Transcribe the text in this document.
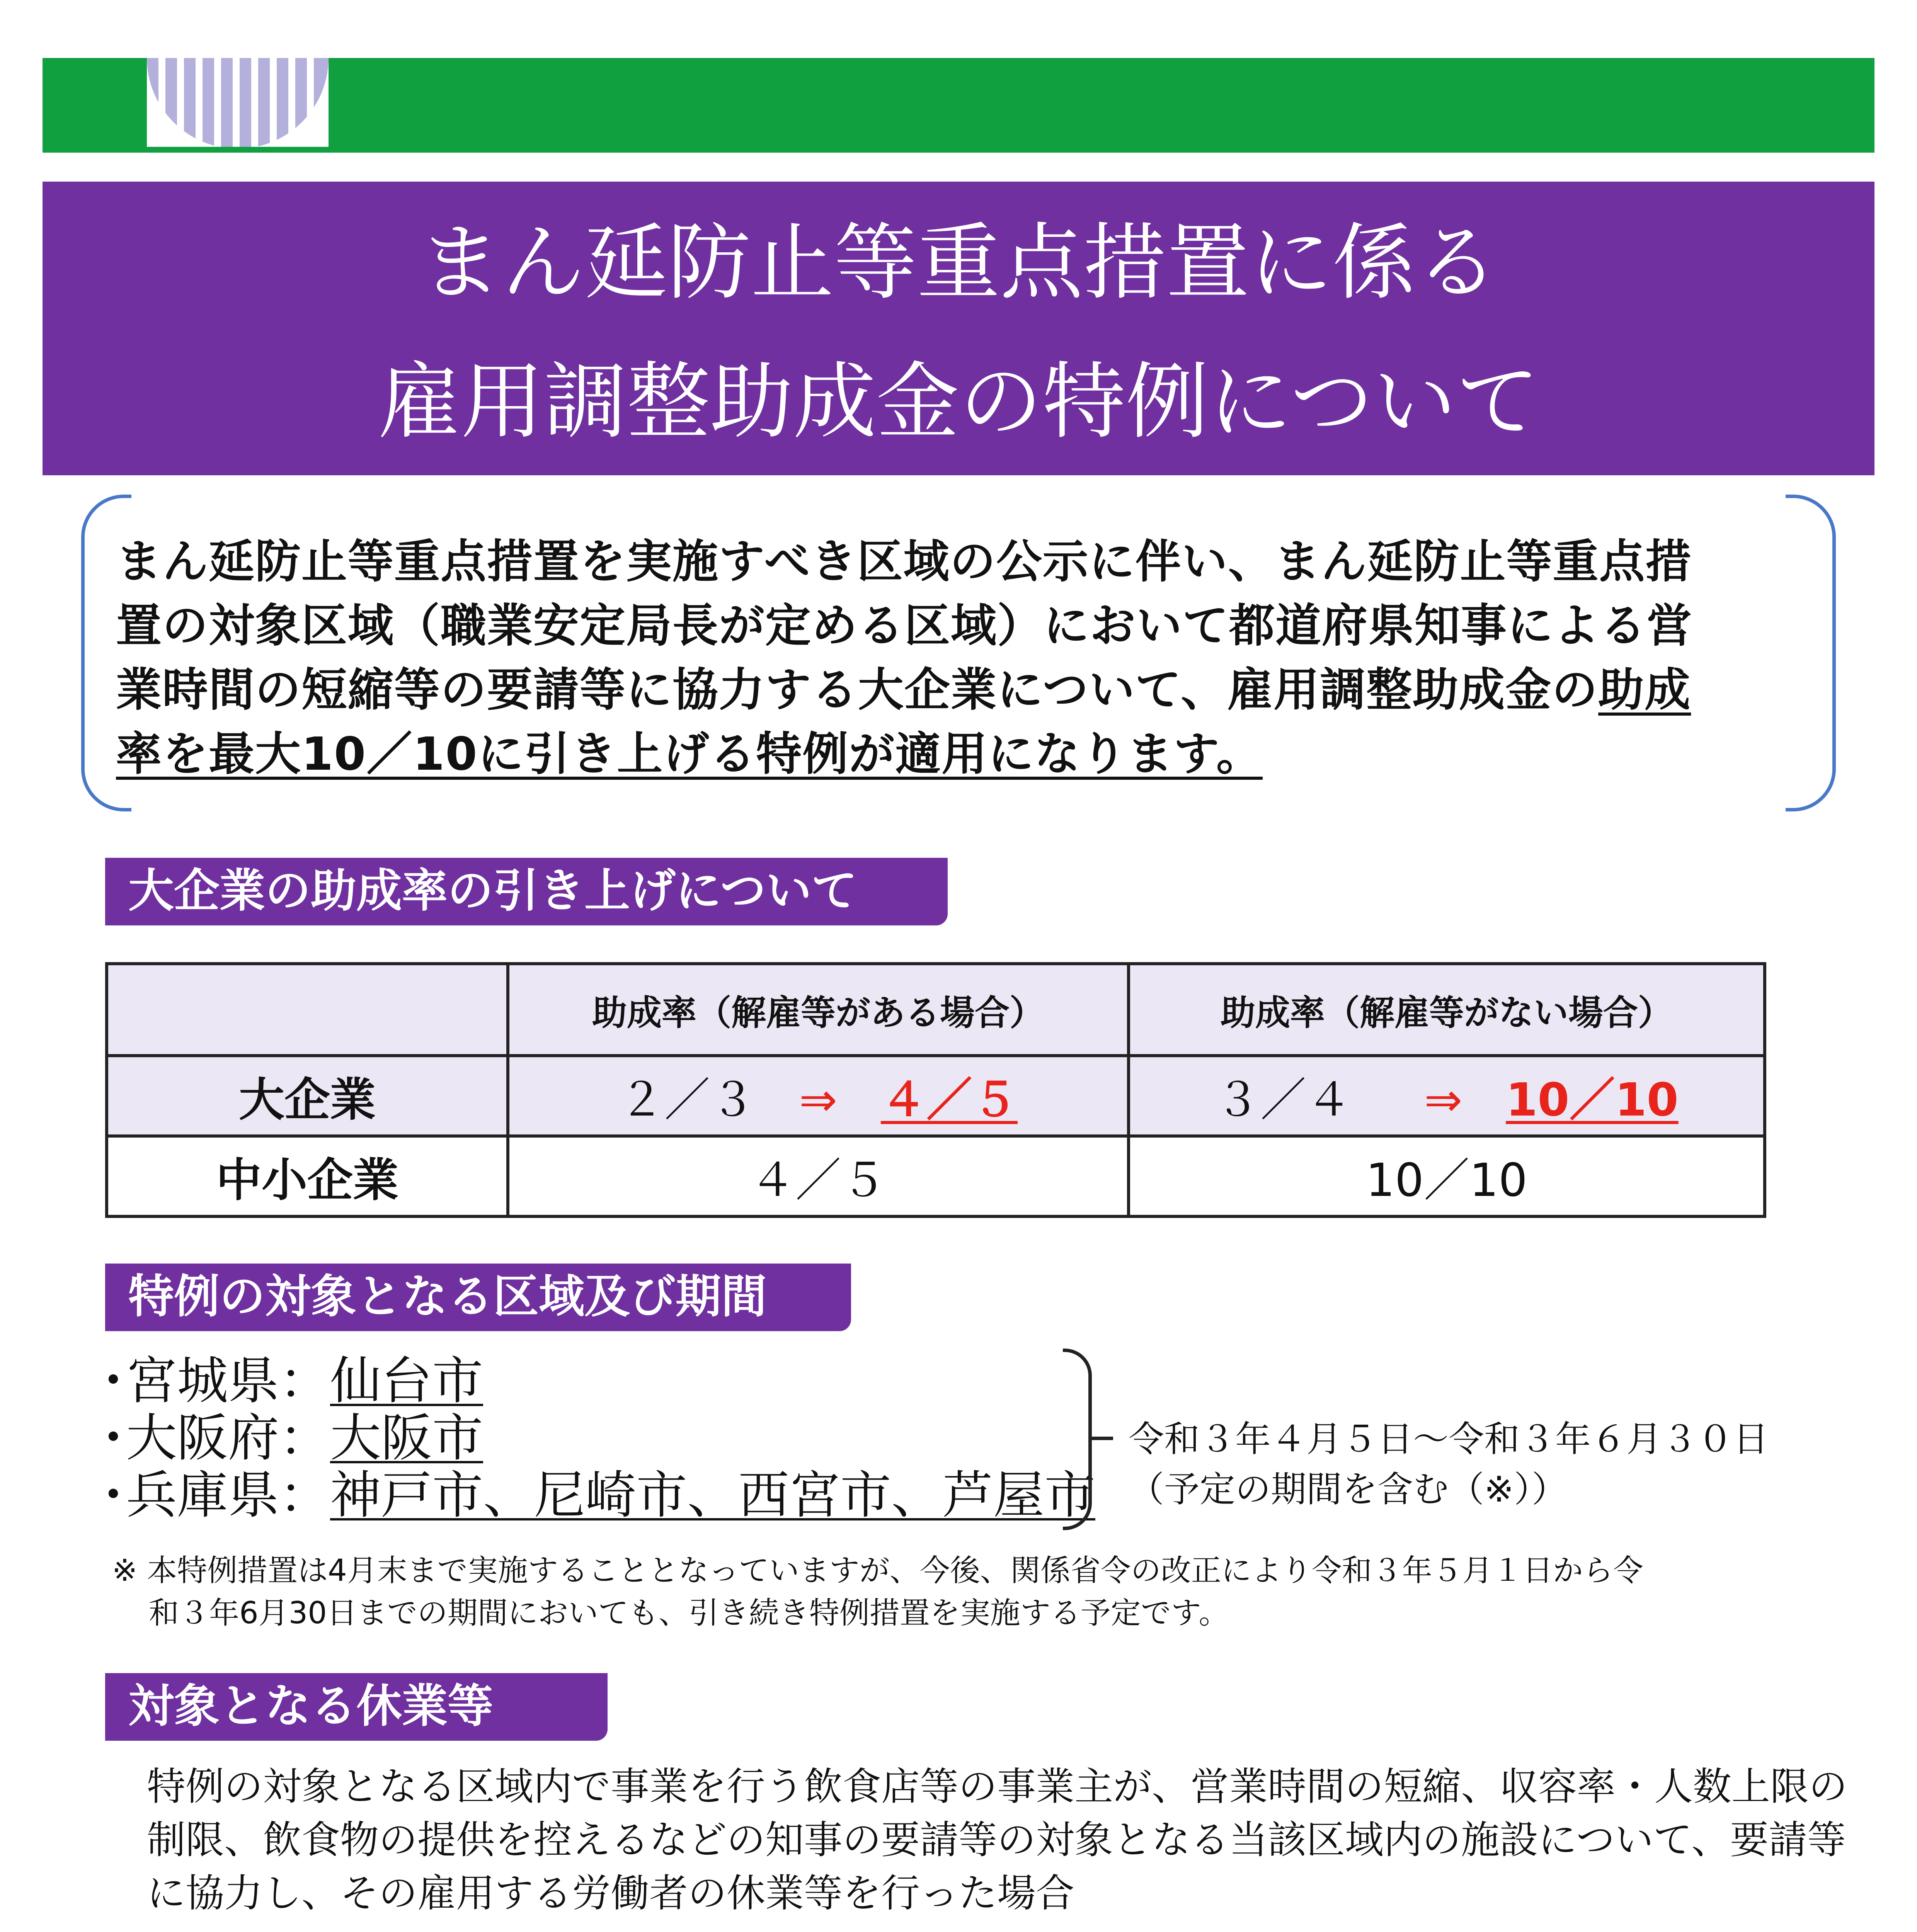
まん延防止等重点措置に係る
雇用調整助成金の特例について
まん延防止等重点措置を実施すべき区域の公示に伴い、まん延防止等重点措
置の対象区域（職業安定局長が定める区域）において都道府県知事による営
業時間の短縮等の要請等に協力する大企業について、雇用調整助成金の助成
率を最大10／10に引き上げる特例が適用になります。
大企業の助成率の引き上げについて
	助成率（解雇等がある場合）	助成率（解雇等がない場合）
大企業	２／３ ⇒ ４／５	３／４ ⇒ 10／10
中小企業	４／５	10／10
特例の対象となる区域及び期間
･宮城県：仙台市
･大阪府：大阪市
･兵庫県：神戸市、尼崎市、西宮市、芦屋市
令和３年４月５日～令和３年６月３０日
（予定の期間を含む（※））
※ 本特例措置は4月末まで実施することとなっていますが、今後、関係省令の改正により令和３年５月１日から令
和３年6月30日までの期間においても、引き続き特例措置を実施する予定です。
対象となる休業等
特例の対象となる区域内で事業を行う飲食店等の事業主が、営業時間の短縮、収容率・人数上限の
制限、飲食物の提供を控えるなどの知事の要請等の対象となる当該区域内の施設について、要請等
に協力し、その雇用する労働者の休業等を行った場合
